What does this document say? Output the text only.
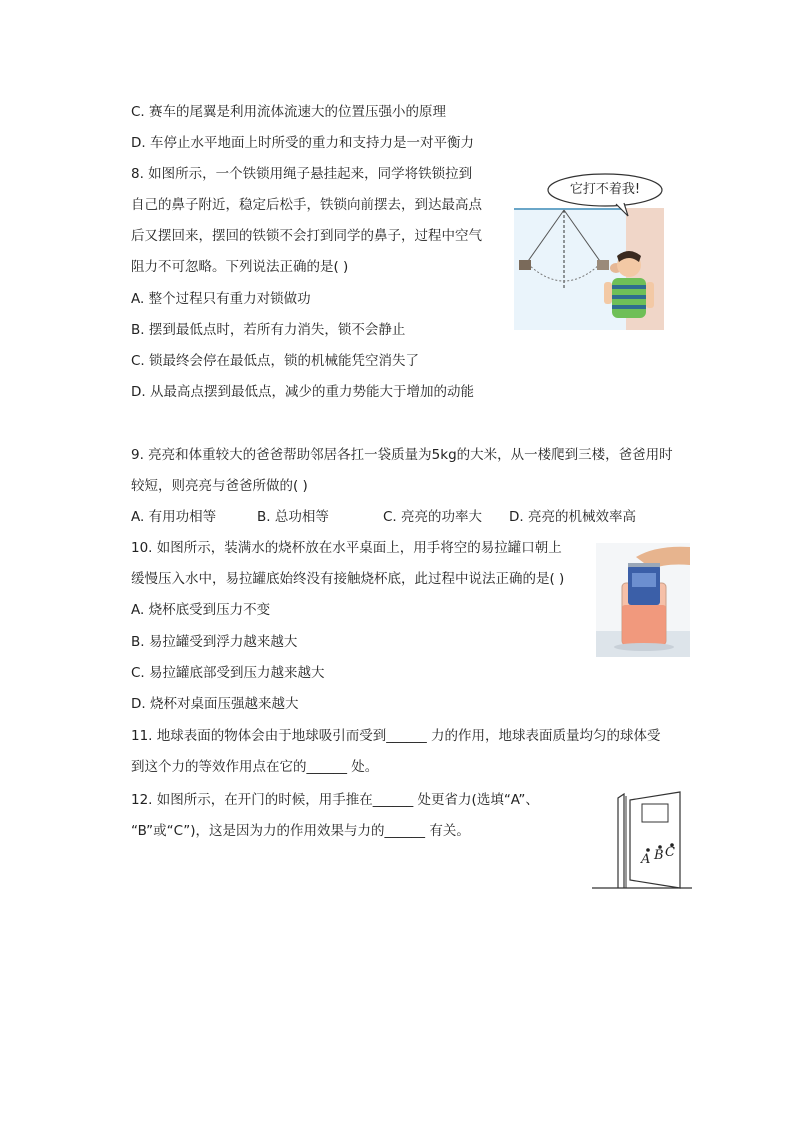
C. 赛车的尾翼是利用流体流速大的位置压强小的原理
D. 车停止水平地面上时所受的重力和支持力是一对平衡力
8. 如图所示，一个铁锁用绳子悬挂起来，同学将铁锁拉到
自己的鼻子附近，稳定后松手，铁锁向前摆去，到达最高点
后又摆回来，摆回的铁锁不会打到同学的鼻子，过程中空气
阻力不可忽略。下列说法正确的是( )
A. 整个过程只有重力对锁做功
B. 摆到最低点时，若所有力消失，锁不会静止
C. 锁最终会停在最低点，锁的机械能凭空消失了
D. 从最高点摆到最低点，减少的重力势能大于增加的动能
它打不着我!
9. 亮亮和体重较大的爸爸帮助邻居各扛一袋质量为5kg的大米，从一楼爬到三楼，爸爸用时
较短，则亮亮与爸爸所做的( )
A. 有用功相等	B. 总功相等	C. 亮亮的功率大 D. 亮亮的机械效率高
10. 如图所示，装满水的烧杯放在水平桌面上，用手将空的易拉罐口朝上
缓慢压入水中，易拉罐底始终没有接触烧杯底，此过程中说法正确的是( )
A. 烧杯底受到压力不变
B. 易拉罐受到浮力越来越大
C. 易拉罐底部受到压力越来越大
D. 烧杯对桌面压强越来越大
11. 地球表面的物体会由于地球吸引而受到______ 力的作用，地球表面质量均匀的球体受
到这个力的等效作用点在它的______ 处。
12. 如图所示，在开门的时候，用手推在______ 处更省力(选填“A”、
“B”或“C”)，这是因为力的作用效果与力的______ 有关。
A B C
